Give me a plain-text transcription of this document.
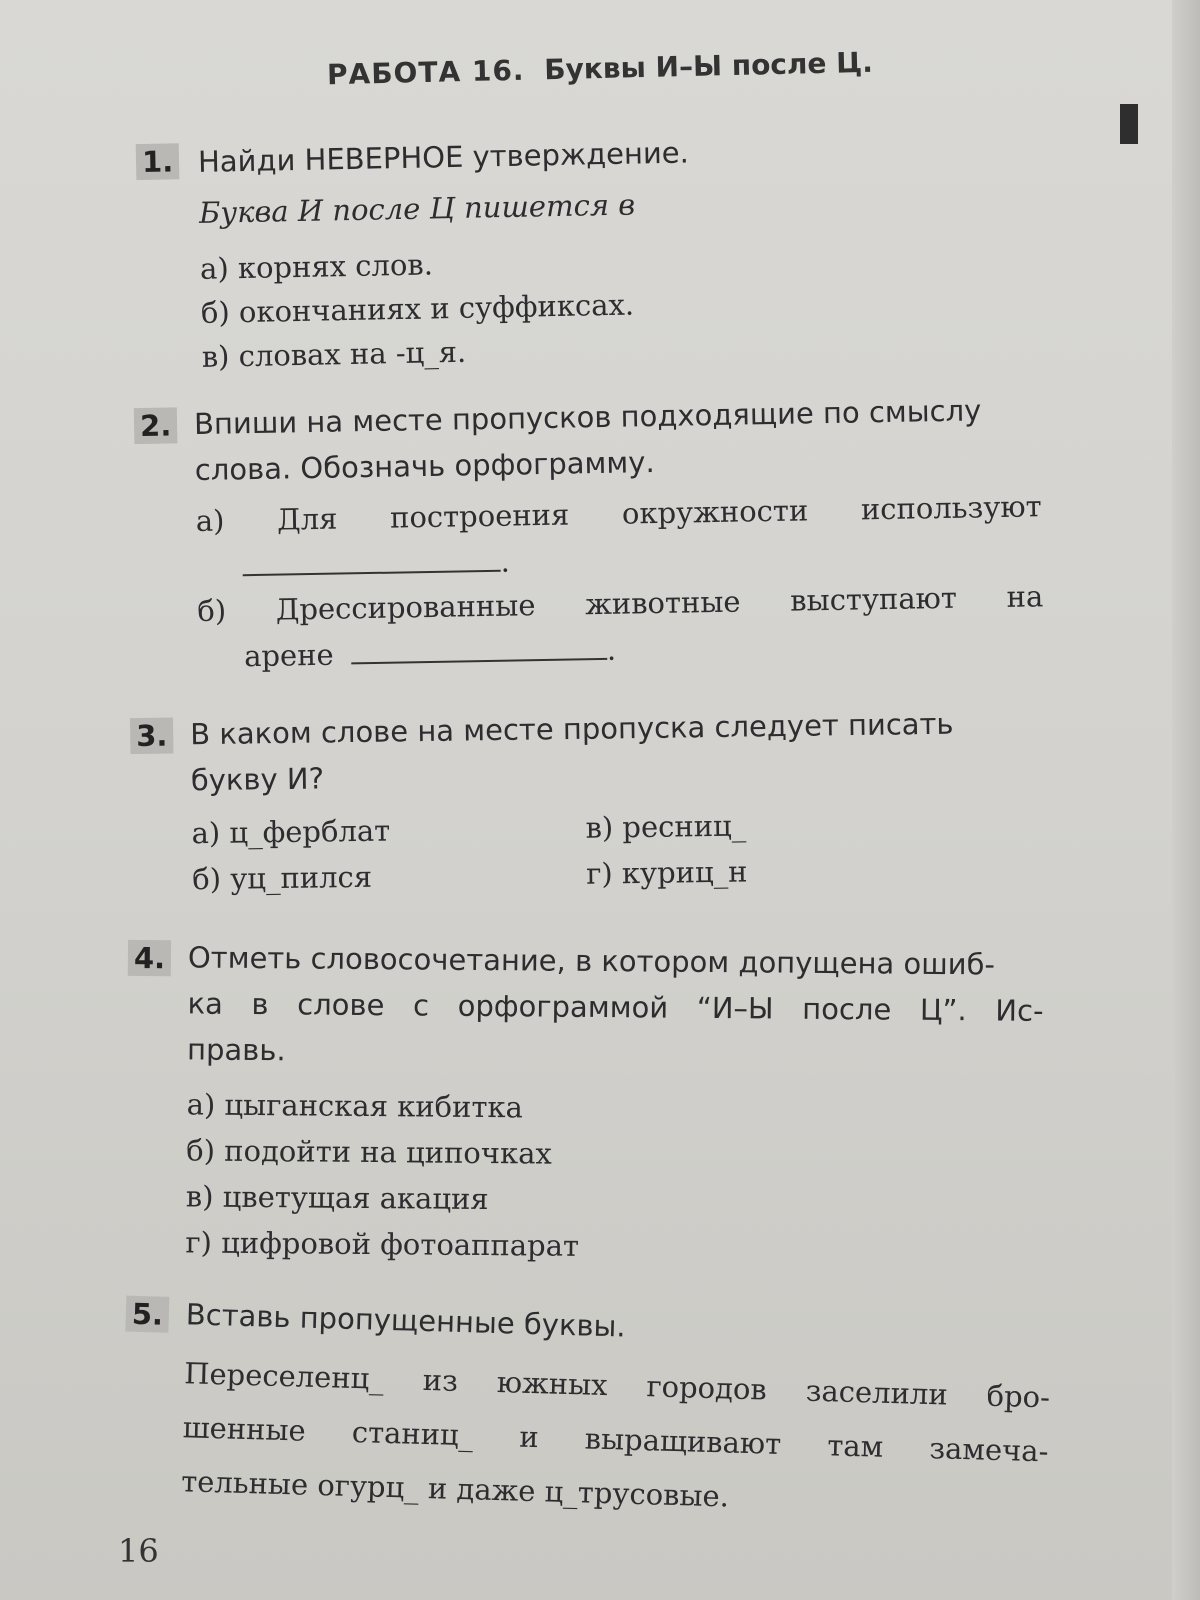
РАБОТА 16. Буквы И–Ы после Ц.
1. Найди НЕВЕРНОЕ утверждение.
Буква И после Ц пишется в
а) корнях слов.
б) окончаниях и суффиксах.
в) словах на -ц_я.
2. Впиши на месте пропусков подходящие по смыслу
слова. Обозначь орфограмму.
а) Для построения окружности используют
.
б) Дрессированные животные выступают на
арене	.
3. В каком слове на месте пропуска следует писать
букву И?
а) ц_ферблат
б) уц_пился
в) ресниц_
г) куриц_н
4. Отметь словосочетание, в котором допущена ошиб-
ка в слове с орфограммой “И–Ы после Ц”. Ис-
правь.
а) цыганская кибитка
б) подойти на ципочках
в) цветущая акация
г) цифровой фотоаппарат
5. Вставь пропущенные буквы.
Переселенц_ из южных городов заселили бро-
шенные станиц_ и выращивают там замеча-
тельные огурц_ и даже ц_трусовые.
16
